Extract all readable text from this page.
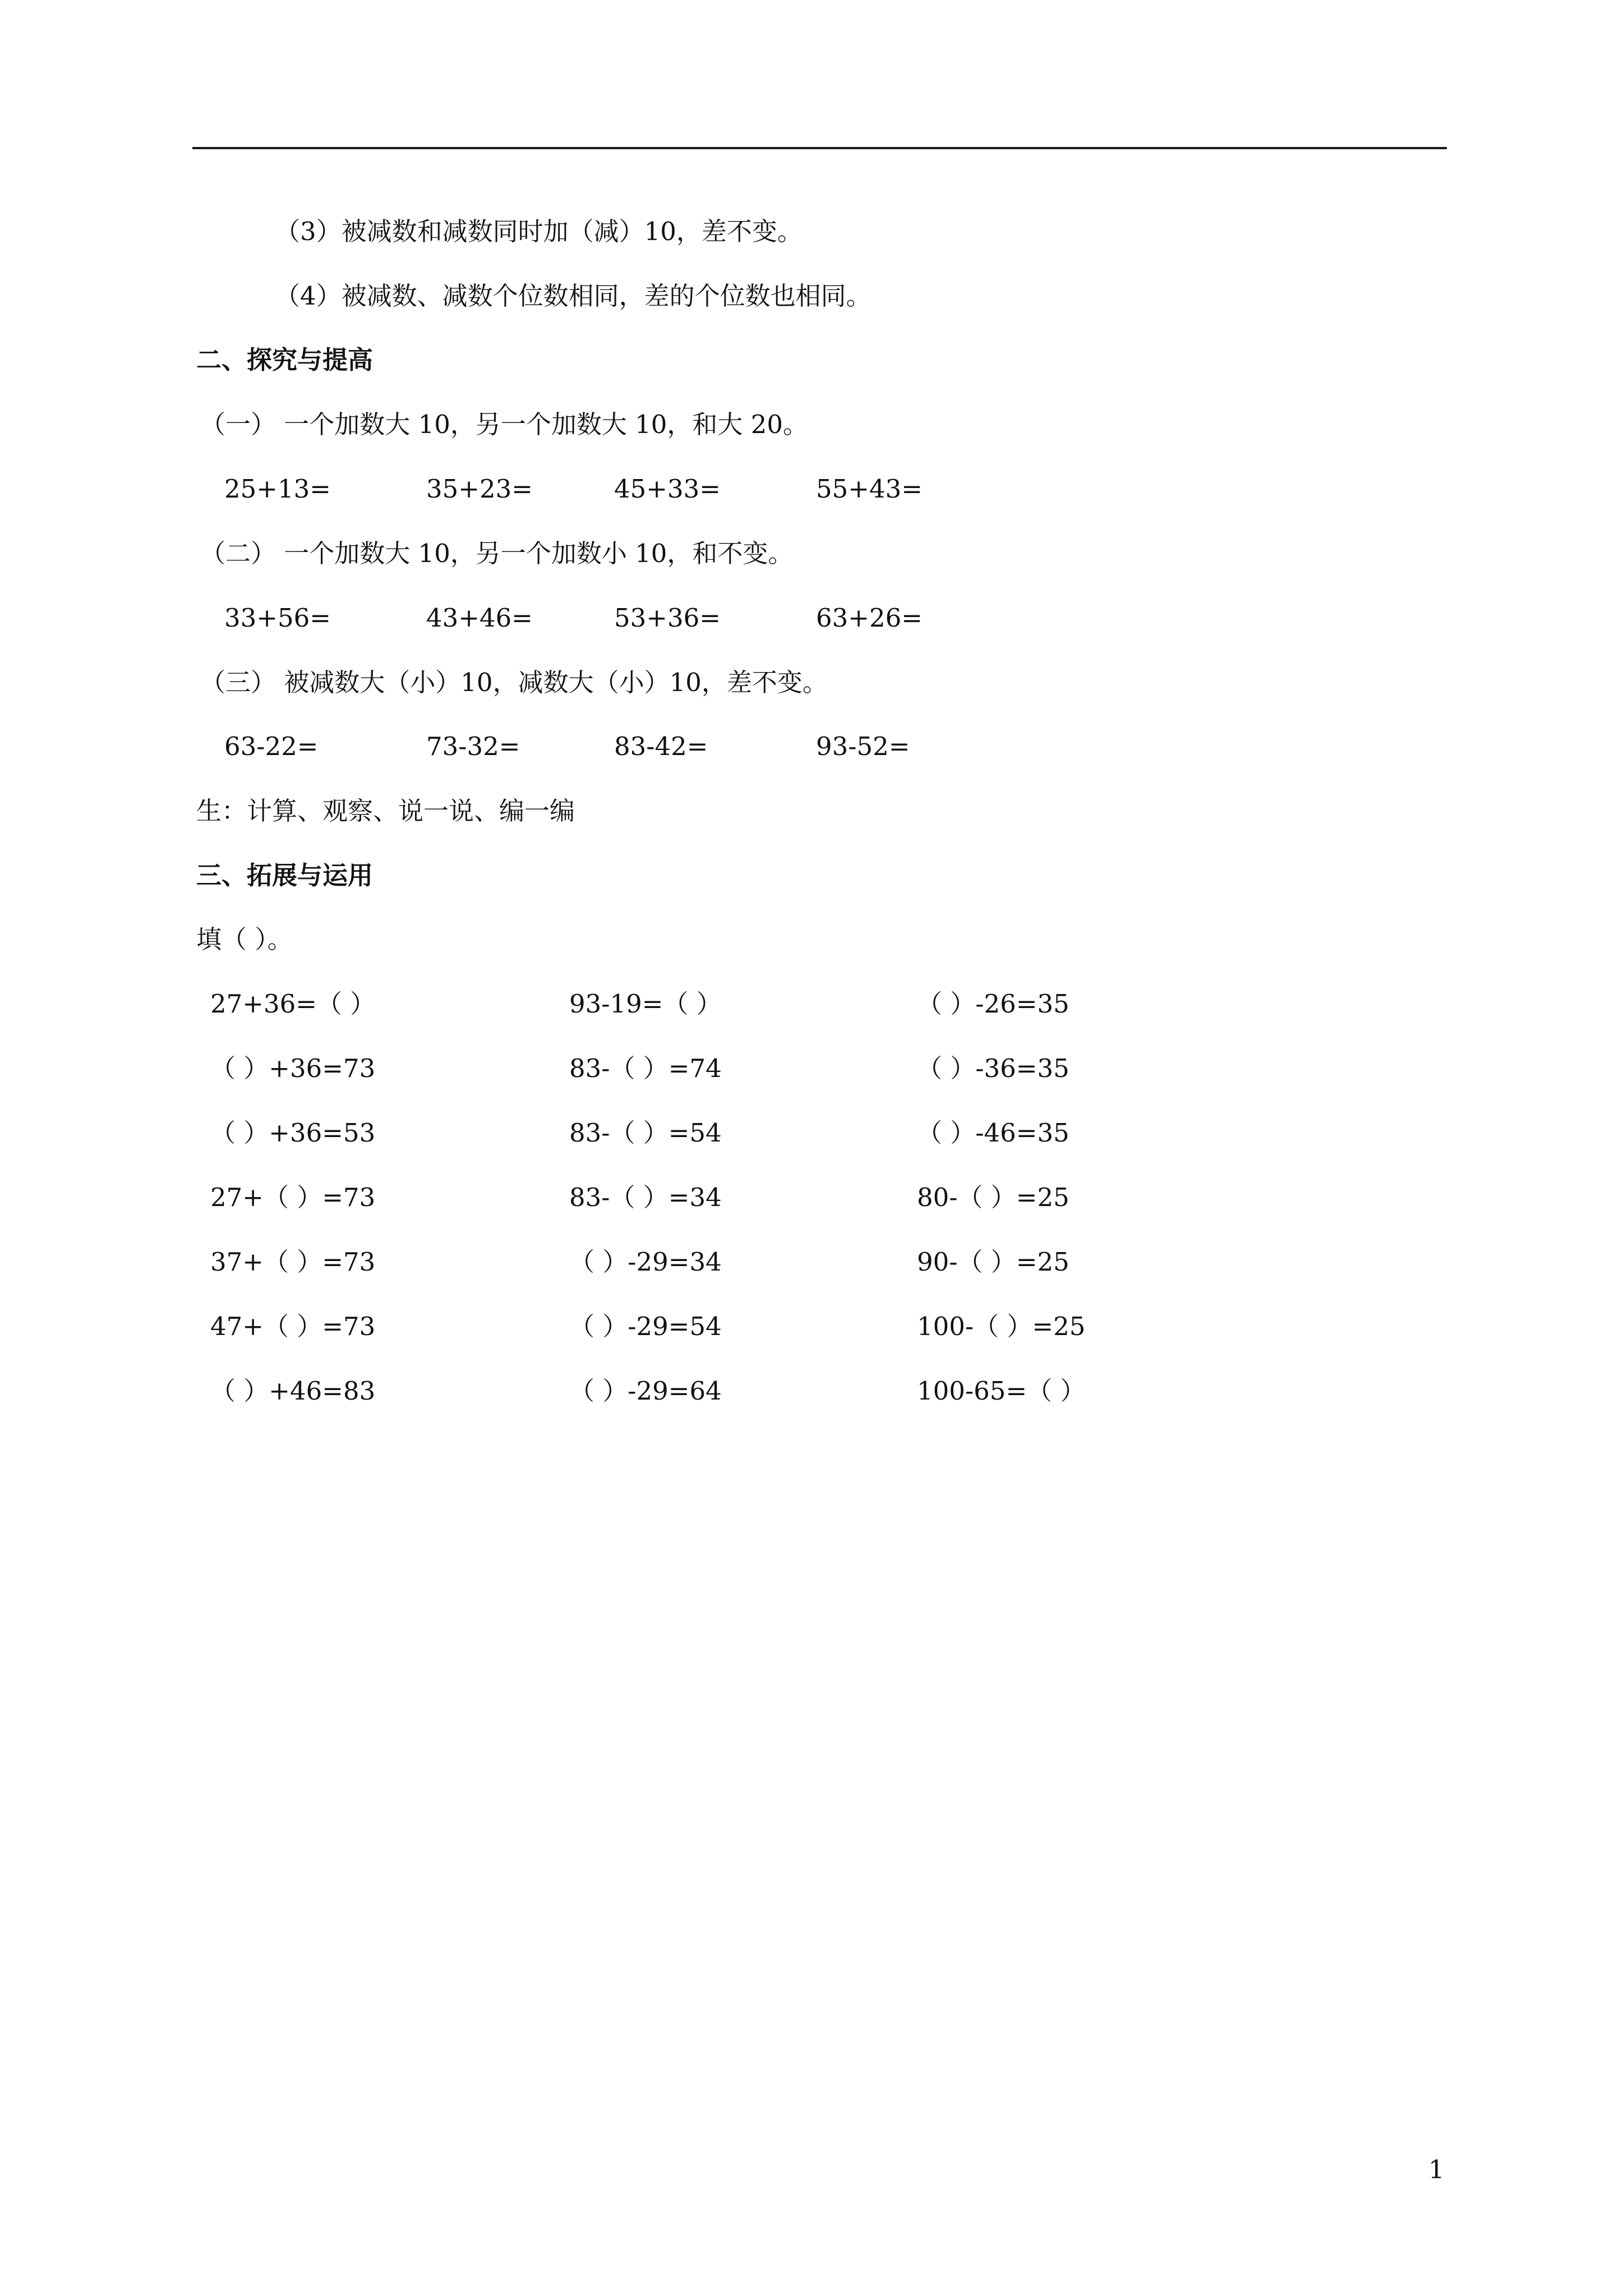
（3）被减数和减数同时加（减）10，差不变。
（4）被减数、减数个位数相同，差的个位数也相同。
二、探究与提高
（一） 一个加数大 10，另一个加数大 10，和大 20。
25+13=	35+23=	45+33=	55+43=
（二） 一个加数大 10，另一个加数小 10，和不变。
33+56=	43+46=	53+36=	63+26=
（三） 被减数大（小）10，减数大（小）10，差不变。
63-22=	73-32=	83-42=	93-52=
生：计算、观察、说一说、编一编
三、拓展与运用
填（ ）。
27+36=（ ）	93-19=（ ）	（ ）-26=35
（ ）+36=73	83-（ ）=74	（ ）-36=35
（ ）+36=53	83-（ ）=54	（ ）-46=35
27+（ ）=73	83-（ ）=34	80-（ ）=25
37+（ ）=73	（ ）-29=34	90-（ ）=25
47+（ ）=73	（ ）-29=54	100-（ ）=25
（ ）+46=83	（ ）-29=64	100-65=（ ）
1
